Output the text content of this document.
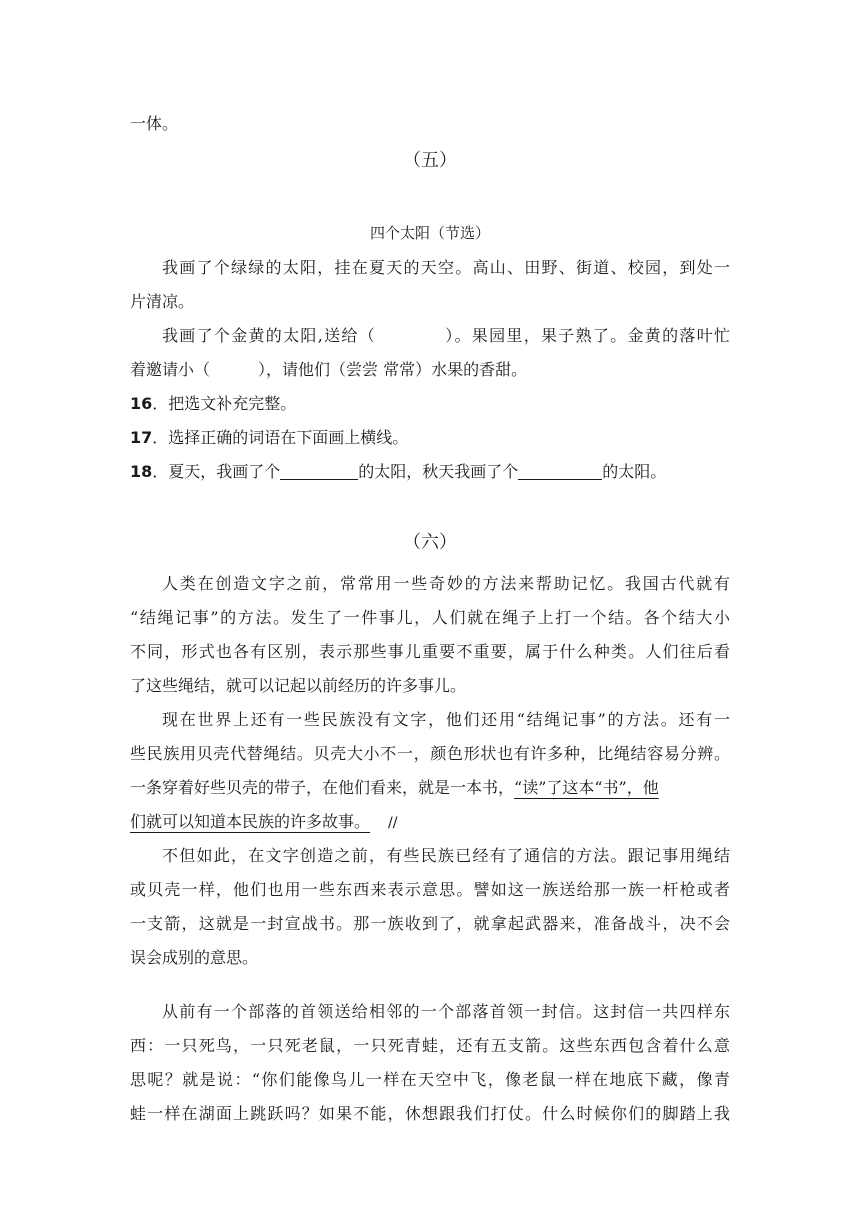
一体。
（五）
四个太阳（节选）
我画了个绿绿的太阳，挂在夏天的天空。高山、田野、街道、校园，到处一
片清凉。
我画了个金黄的太阳,送给（　　　　）。果园里，果子熟了。金黄的落叶忙
着邀请小（　　　），请他们（尝尝 常常）水果的香甜。
16．把选文补充完整。
17．选择正确的词语在下面画上横线。
18．夏天，我画了个	的太阳，秋天我画了个	的太阳。
（六）
人类在创造文字之前，常常用一些奇妙的方法来帮助记忆。我国古代就有
“结绳记事”的方法。发生了一件事儿，人们就在绳子上打一个结。各个结大小
不同，形式也各有区别，表示那些事儿重要不重要，属于什么种类。人们往后看
了这些绳结，就可以记起以前经历的许多事儿。
现在世界上还有一些民族没有文字，他们还用“结绳记事”的方法。还有一
些民族用贝壳代替绳结。贝壳大小不一，颜色形状也有许多种，比绳结容易分辨。
一条穿着好些贝壳的带子，在他们看来，就是一本书，“读”了这本“书”，他
们就可以知道本民族的许多故事。 //
不但如此，在文字创造之前，有些民族已经有了通信的方法。跟记事用绳结
或贝壳一样，他们也用一些东西来表示意思。譬如这一族送给那一族一杆枪或者
一支箭，这就是一封宣战书。那一族收到了，就拿起武器来，准备战斗，决不会
误会成别的意思。
从前有一个部落的首领送给相邻的一个部落首领一封信。这封信一共四样东
西：一只死鸟，一只死老鼠，一只死青蛙，还有五支箭。这些东西包含着什么意
思呢？就是说：“你们能像鸟儿一样在天空中飞，像老鼠一样在地底下藏，像青
蛙一样在湖面上跳跃吗？如果不能，休想跟我们打仗。什么时候你们的脚踏上我
